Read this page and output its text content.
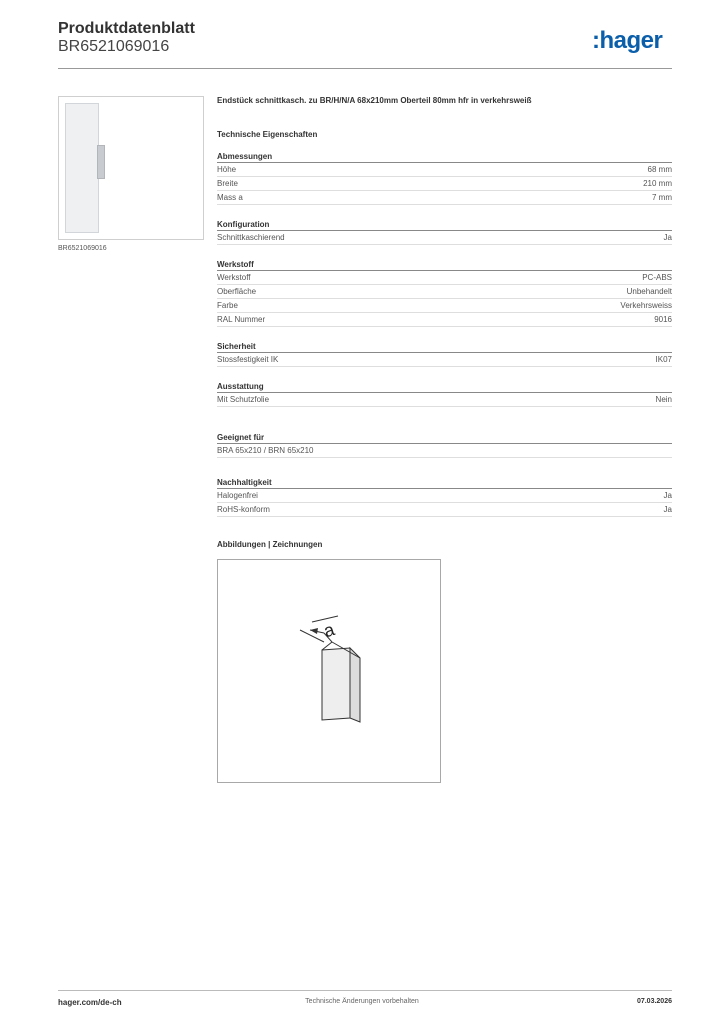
Produktdatenblatt
BR6521069016	:hager
BR6521069016
Endstück schnittkasch. zu BR/H/N/A 68x210mm Oberteil 80mm hfr in verkehrsweiß
Technische Eigenschaften
Abmessungen
Höhe	68 mm
Breite	210 mm
Mass a	7 mm
Konfiguration
Schnittkaschierend	Ja
Werkstoff
Werkstoff	PC-ABS
Oberfläche	Unbehandelt
Farbe	Verkehrsweiss
RAL Nummer	9016
Sicherheit
Stossfestigkeit IK	IK07
Ausstattung
Mit Schutzfolie	Nein
Geeignet für
BRA 65x210 / BRN 65x210
Nachhaltigkeit
Halogenfrei	Ja
RoHS-konform	Ja
Abbildungen | Zeichnungen
a
hager.com/de-ch	Technische Änderungen vorbehalten	07.03.2026
